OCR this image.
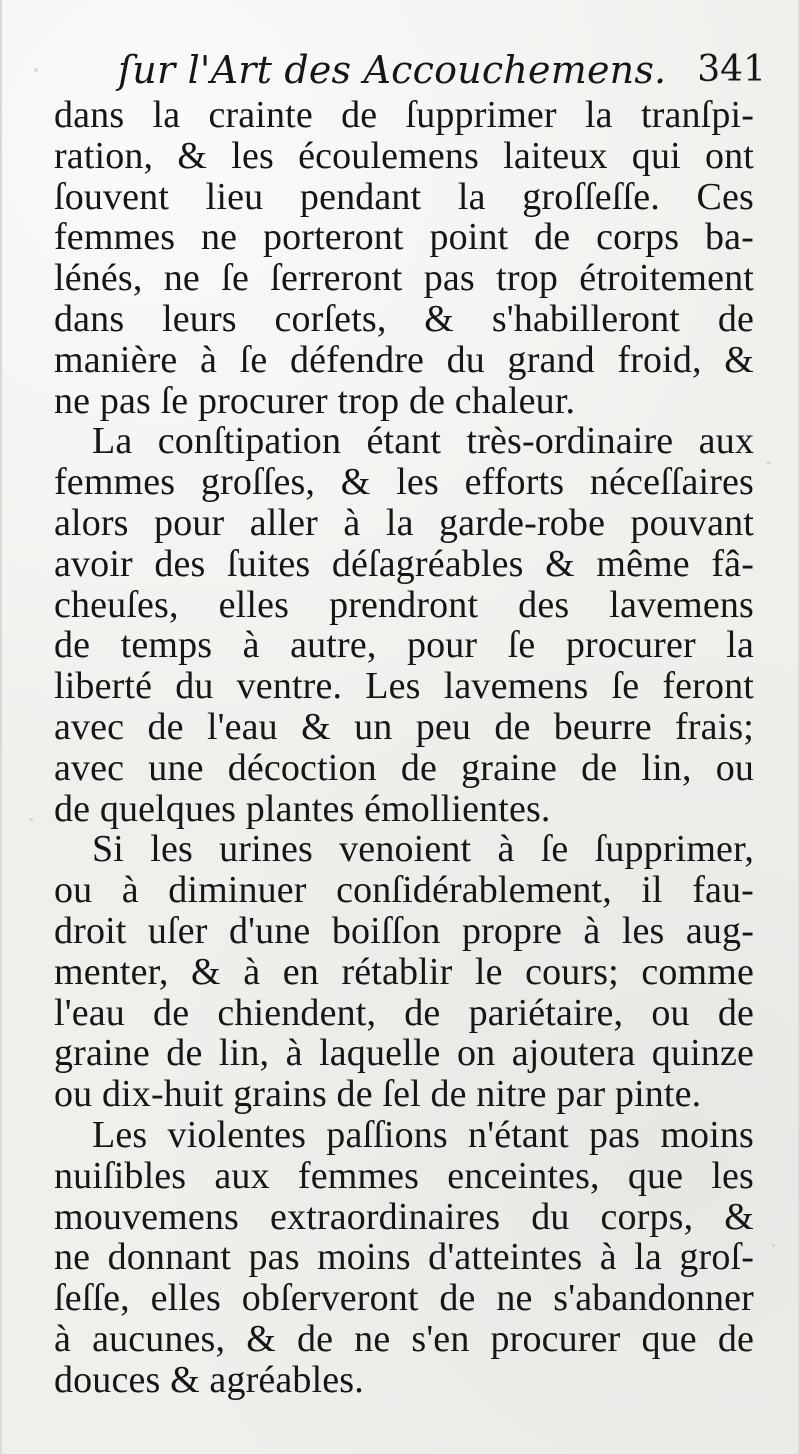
ſur l'Art des Accouchemens. 341
dans la crainte de ſupprimer la tranſpi-
ration, & les écoulemens laiteux qui ont
ſouvent lieu pendant la groſſeſſe. Ces
femmes ne porteront point de corps ba-
lénés, ne ſe ſerreront pas trop étroitement
dans leurs corſets, & s'habilleront de
manière à ſe défendre du grand froid, &
ne pas ſe procurer trop de chaleur.
La conſtipation étant très-ordinaire aux
femmes groſſes, & les efforts néceſſaires
alors pour aller à la garde-robe pouvant
avoir des ſuites déſagréables & même fâ-
cheuſes, elles prendront des lavemens
de temps à autre, pour ſe procurer la
liberté du ventre. Les lavemens ſe feront
avec de l'eau & un peu de beurre frais;
avec une décoction de graine de lin, ou
de quelques plantes émollientes.
Si les urines venoient à ſe ſupprimer,
ou à diminuer conſidérablement, il fau-
droit uſer d'une boiſſon propre à les aug-
menter, & à en rétablir le cours; comme
l'eau de chiendent, de pariétaire, ou de
graine de lin, à laquelle on ajoutera quinze
ou dix-huit grains de ſel de nitre par pinte.
Les violentes paſſions n'étant pas moins
nuiſibles aux femmes enceintes, que les
mouvemens extraordinaires du corps, &
ne donnant pas moins d'atteintes à la groſ-
ſeſſe, elles obſerveront de ne s'abandonner
à aucunes, & de ne s'en procurer que de
douces & agréables.
